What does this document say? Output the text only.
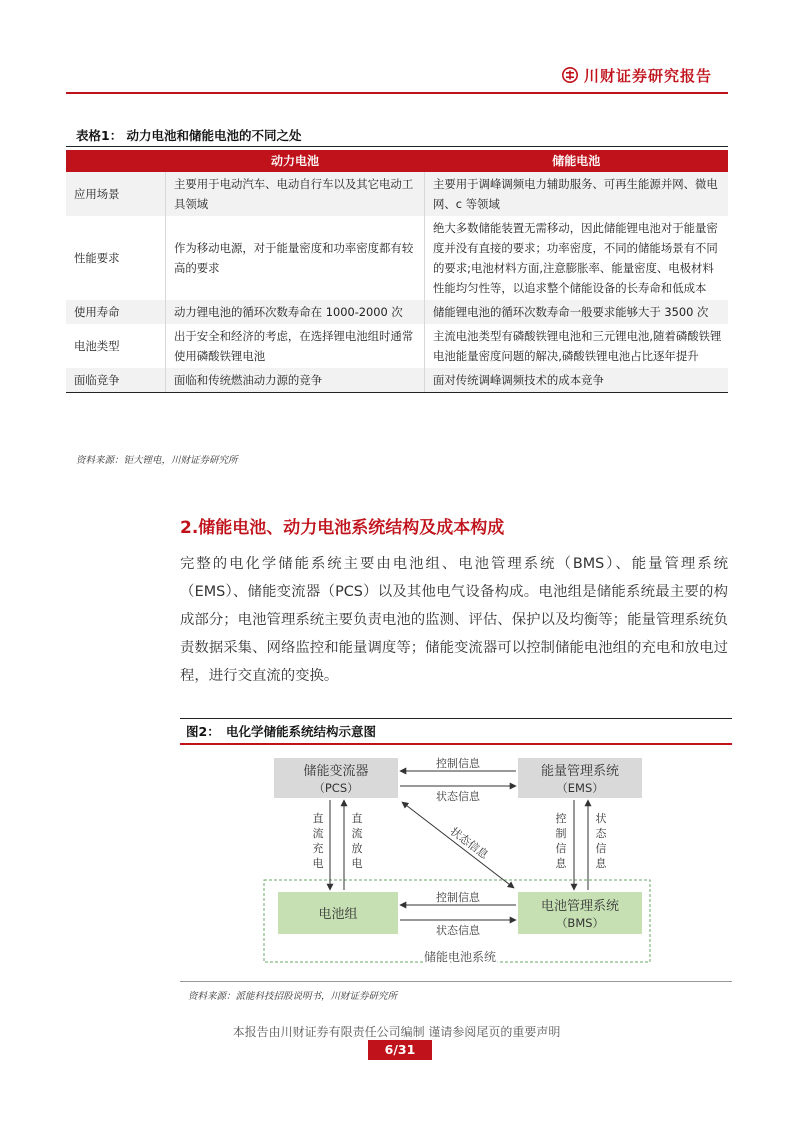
川财证券研究报告
表格1： 动力电池和储能电池的不同之处
	动力电池	储能电池
应用场景	主要用于电动汽车、电动自行车以及其它电动工具领域	主要用于调峰调频电力辅助服务、可再生能源并网、微电网、c 等领域
性能要求	作为移动电源，对于能量密度和功率密度都有较高的要求	绝大多数储能装置无需移动，因此储能锂电池对于能量密度并没有直接的要求；功率密度，不同的储能场景有不同的要求;电池材料方面,注意膨胀率、能量密度、电极材料性能均匀性等，以追求整个储能设备的长寿命和低成本
使用寿命	动力锂电池的循环次数寿命在 1000-2000 次	储能锂电池的循环次数寿命一般要求能够大于 3500 次
电池类型	出于安全和经济的考虑，在选择锂电池组时通常使用磷酸铁锂电池	主流电池类型有磷酸铁锂电池和三元锂电池,随着磷酸铁锂电池能量密度问题的解决,磷酸铁锂电池占比逐年提升
面临竞争	面临和传统燃油动力源的竞争	面对传统调峰调频技术的成本竞争
资料来源：钜大锂电，川财证券研究所
2.储能电池、动力电池系统结构及成本构成
完整的电化学储能系统主要由电池组、电池管理系统（BMS）、能量管理系统（EMS）、储能变流器（PCS）以及其他电气设备构成。电池组是储能系统最主要的构成部分；电池管理系统主要负责电池的监测、评估、保护以及均衡等；能量管理系统负责数据采集、网络监控和能量调度等；储能变流器可以控制储能电池组的充电和放电过程，进行交直流的变换。
图2：　电化学储能系统结构示意图
储能电池系统
储能变流器
（PCS）
能量管理系统
（EMS）
电池组
电池管理系统
（BMS）
控制信息
状态信息
直
流
充
电
直
流
放
电
控
制
信
息
状
态
信
息
状态信息
控制信息
状态信息
资料来源：派能科技招股说明书，川财证券研究所
本报告由川财证券有限责任公司编制 谨请参阅尾页的重要声明
6/31
